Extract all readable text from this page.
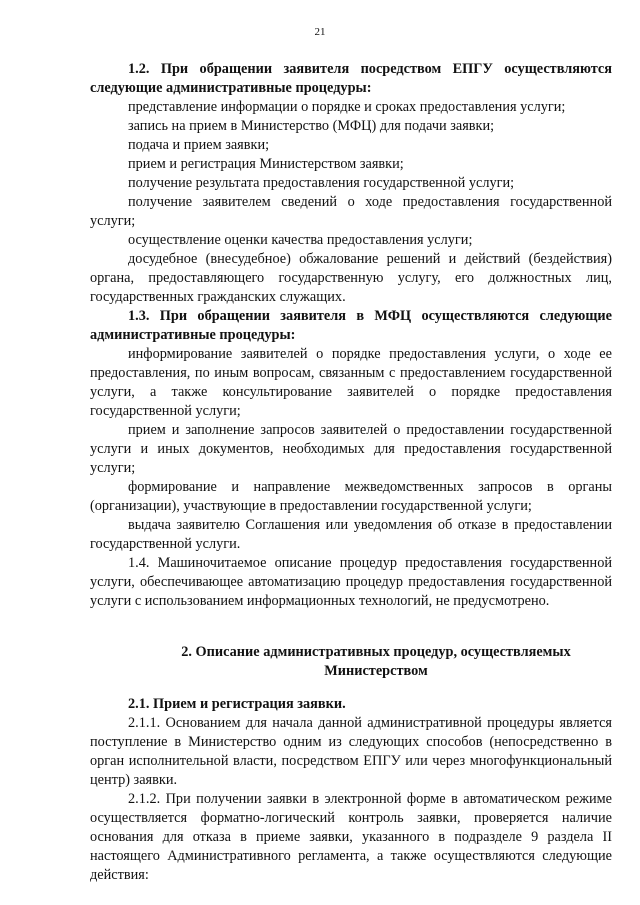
21

1.2. При обращении заявителя посредством ЕПГУ осуществляются следующие административные процедуры:

представление информации о порядке и сроках предоставления услуги;

запись на прием в Министерство (МФЦ) для подачи заявки;

подача и прием заявки;

прием и регистрация Министерством заявки;

получение результата предоставления государственной услуги;

получение заявителем сведений о ходе предоставления государственной услуги;

осуществление оценки качества предоставления услуги;

досудебное (внесудебное) обжалование решений и действий (бездействия) органа, предоставляющего государственную услугу, его должностных лиц, государственных гражданских служащих.

1.3. При обращении заявителя в МФЦ осуществляются следующие административные процедуры:

информирование заявителей о порядке предоставления услуги, о ходе ее предоставления, по иным вопросам, связанным с предоставлением государственной услуги, а также консультирование заявителей о порядке предоставления государственной услуги;

прием и заполнение запросов заявителей о предоставлении государственной услуги и иных документов, необходимых для предоставления государственной услуги;

формирование и направление межведомственных запросов в органы (организации), участвующие в предоставлении государственной услуги;

выдача заявителю Соглашения или уведомления об отказе в предоставлении государственной услуги.

1.4. Машиночитаемое описание процедур предоставления государственной услуги, обеспечивающее автоматизацию процедур предоставления государственной услуги с использованием информационных технологий, не предусмотрено.

2. Описание административных процедур, осуществляемых
Министерством

2.1. Прием и регистрация заявки.

2.1.1. Основанием для начала данной административной процедуры является поступление в Министерство одним из следующих способов (непосредственно в орган исполнительной власти, посредством ЕПГУ или через многофункциональный центр) заявки.

2.1.2. При получении заявки в электронной форме в автоматическом режиме осуществляется форматно-логический контроль заявки, проверяется наличие основания для отказа в приеме заявки, указанного в подразделе 9 раздела II настоящего Административного регламента, а также осуществляются следующие действия:
